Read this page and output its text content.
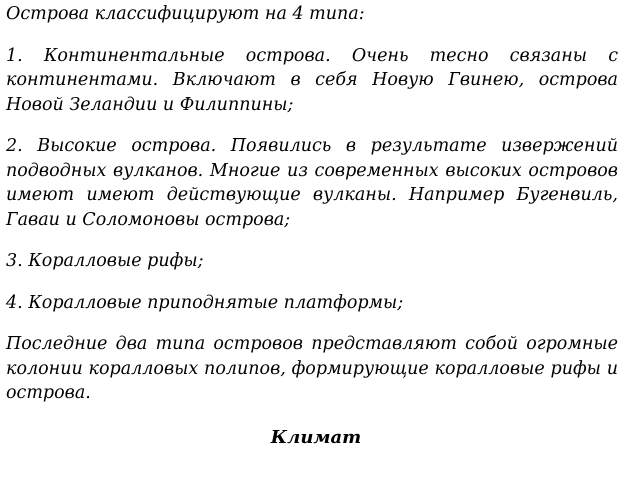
Острова классифицируют на 4 типа:

1. Континентальные острова. Очень тесно связаны с континентами. Включают в себя Новую Гвинею, острова Новой Зеландии и Филиппины;

2. Высокие острова. Появились в результате извержений подводных вулканов. Многие из современных высоких островов имеют имеют действующие вулканы. Например Бугенвиль, Гаваи и Соломоновы острова;

3. Коралловые рифы;

4. Коралловые приподнятые платформы;

Последние два типа островов представляют собой огромные колонии коралловых полипов, формирующие коралловые рифы и острова.

Климат
